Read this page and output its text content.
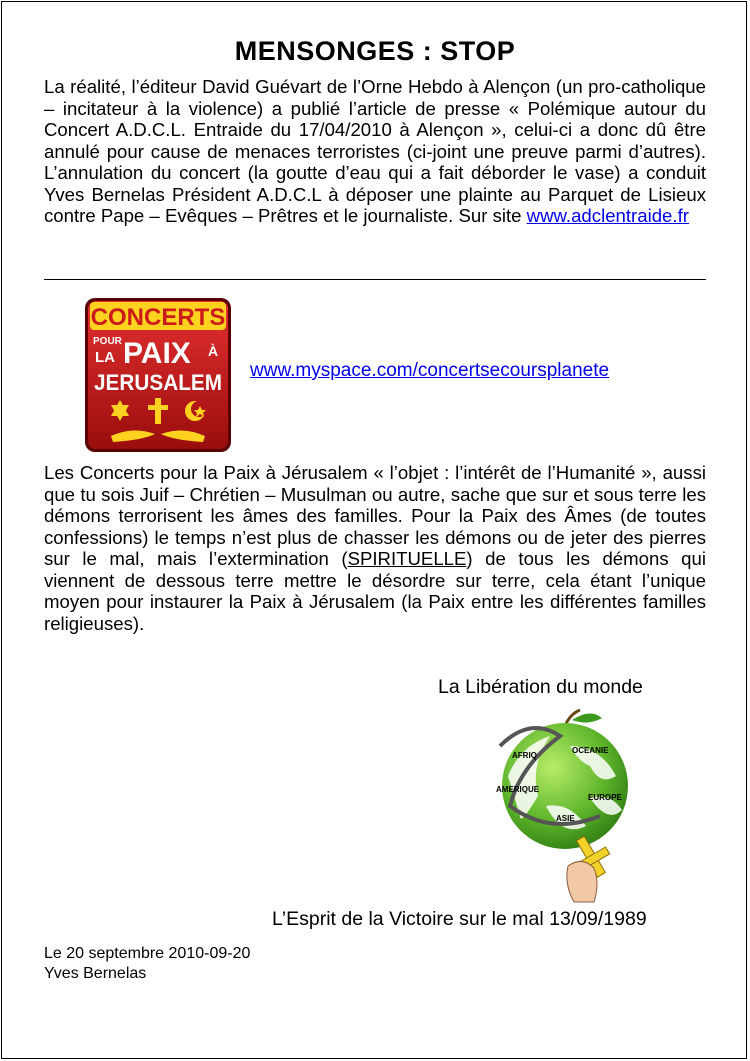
MENSONGES : STOP
La réalité, l’éditeur David Guévart de l’Orne Hebdo à Alençon (un pro-catholique – incitateur à la violence) a publié l’article de presse « Polémique autour du Concert A.D.C.L. Entraide du 17/04/2010 à Alençon », celui-ci a donc dû être annulé pour cause de menaces terroristes (ci-joint une preuve parmi d’autres). L’annulation du concert (la goutte d’eau qui a fait déborder le vase) a conduit Yves Bernelas Président A.D.C.L à déposer une plainte au Parquet de Lisieux contre Pape – Evêques – Prêtres et le journaliste. Sur site www.adclentraide.fr
CONCERTS
POUR
LA PAIX À
JERUSALEM www.myspace.com/concertsecoursplanete
Les Concerts pour la Paix à Jérusalem « l’objet : l’intérêt de l’Humanité », aussi que tu sois Juif – Chrétien – Musulman ou autre, sache que sur et sous terre les démons terrorisent les âmes des familles. Pour la Paix des Âmes (de toutes confessions) le temps n’est plus de chasser les démons ou de jeter des pierres sur le mal, mais l’extermination (SPIRITUELLE) de tous les démons qui viennent de dessous terre mettre le désordre sur terre, cela étant l’unique moyen pour instaurer la Paix à Jérusalem (la Paix entre les différentes familles religieuses).
La Libération du monde
AFRIQ
OCEANIE
AMERIQUE
EUROPE
ASIE
L’Esprit de la Victoire sur le mal 13/09/1989
Le 20 septembre 2010-09-20
Yves Bernelas
